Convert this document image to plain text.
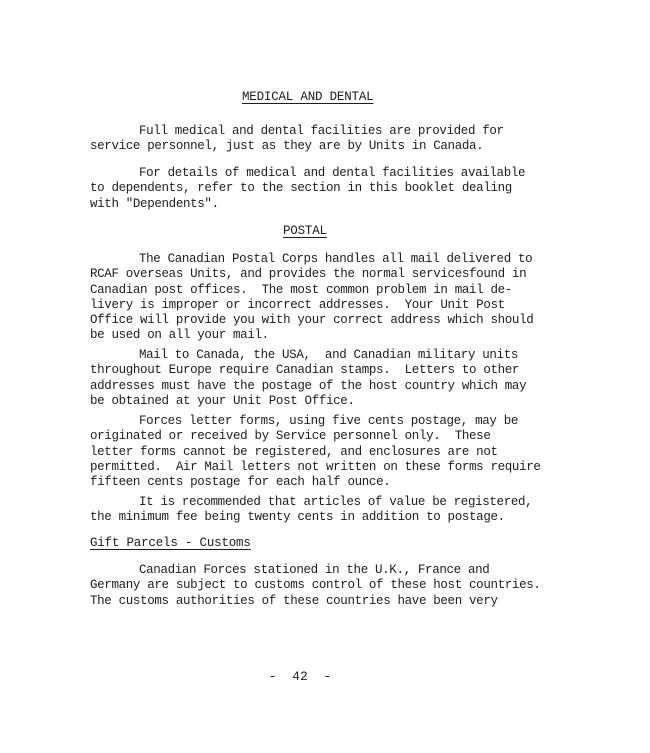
MEDICAL AND DENTAL
Full medical and dental facilities are provided for
service personnel, just as they are by Units in Canada.
For details of medical and dental facilities available
to dependents, refer to the section in this booklet dealing
with "Dependents".
POSTAL
The Canadian Postal Corps handles all mail delivered to
RCAF overseas Units, and provides the normal servicesfound in
Canadian post offices.  The most common problem in mail de-
livery is improper or incorrect addresses.  Your Unit Post
Office will provide you with your correct address which should
be used on all your mail.
Mail to Canada, the USA,  and Canadian military units
throughout Europe require Canadian stamps.  Letters to other
addresses must have the postage of the host country which may
be obtained at your Unit Post Office.
Forces letter forms, using five cents postage, may be
originated or received by Service personnel only.  These
letter forms cannot be registered, and enclosures are not
permitted.  Air Mail letters not written on these forms require
fifteen cents postage for each half ounce.
It is recommended that articles of value be registered,
the minimum fee being twenty cents in addition to postage.
Gift Parcels - Customs
Canadian Forces stationed in the U.K., France and
Germany are subject to customs control of these host countries.
The customs authorities of these countries have been very
-  42  -
